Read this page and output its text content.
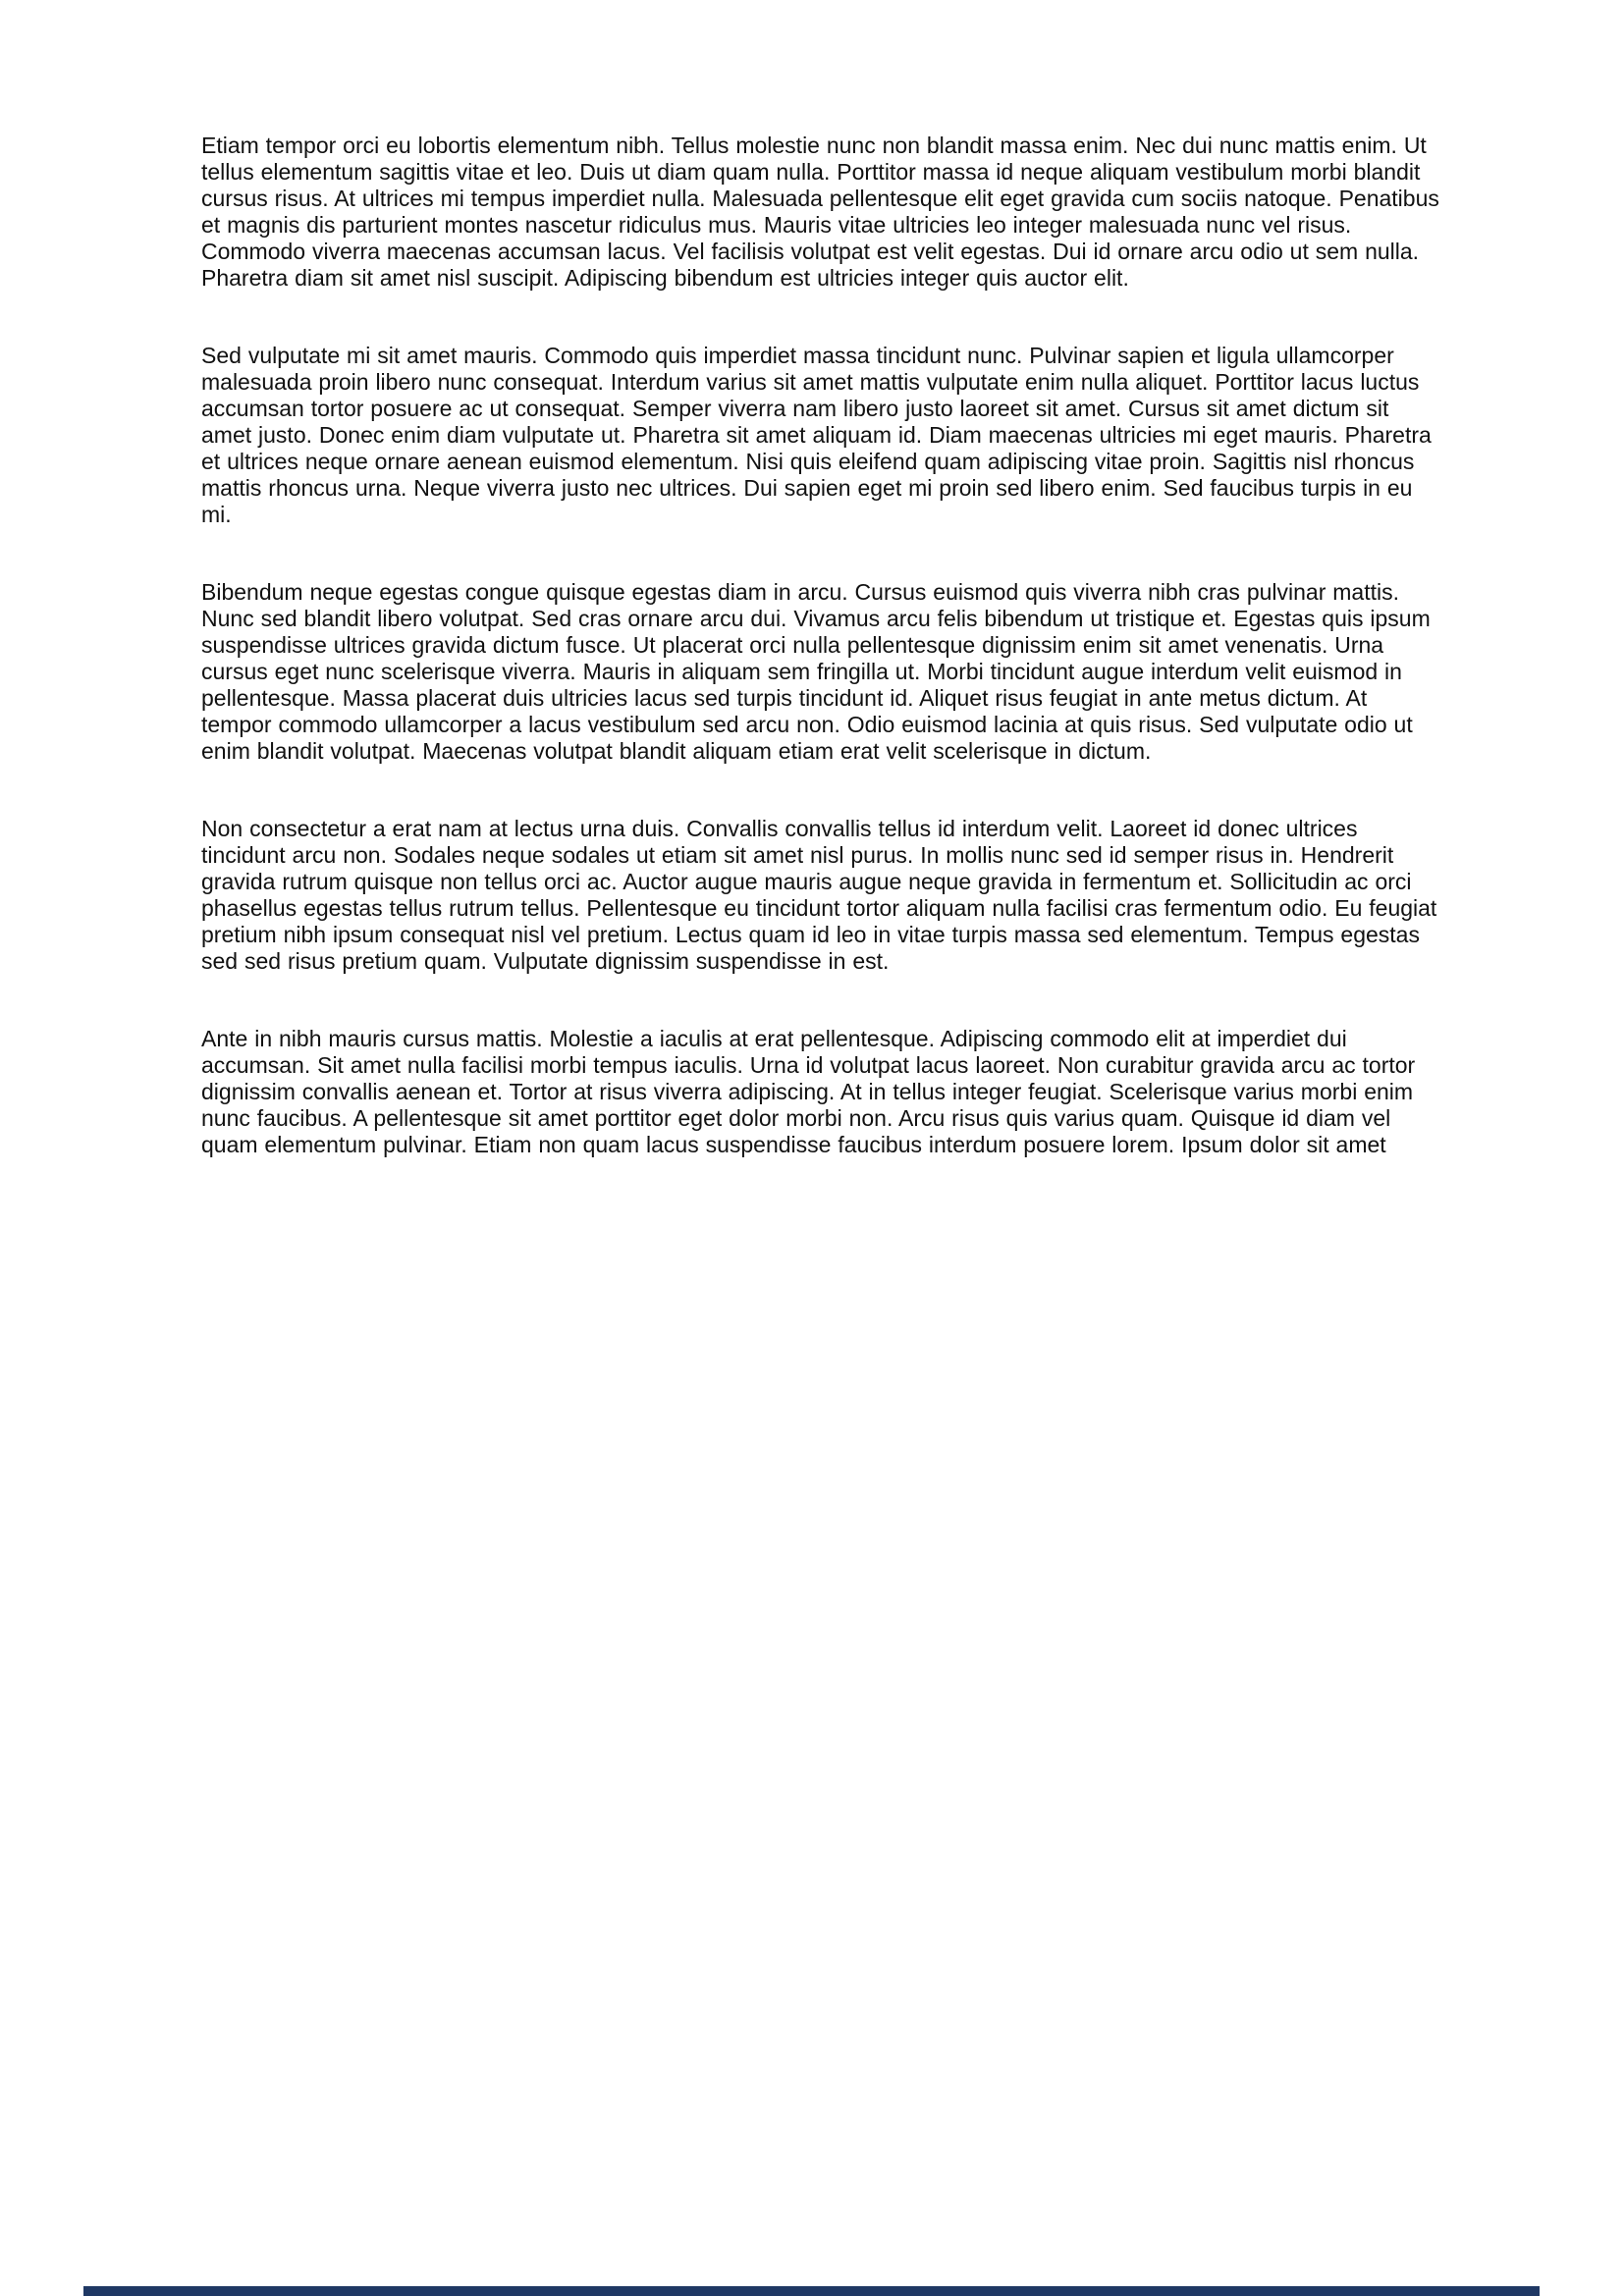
Etiam tempor orci eu lobortis elementum nibh. Tellus molestie nunc non blandit massa enim. Nec dui nunc mattis enim. Ut tellus elementum sagittis vitae et leo. Duis ut diam quam nulla. Porttitor massa id neque aliquam vestibulum morbi blandit cursus risus. At ultrices mi tempus imperdiet nulla. Malesuada pellentesque elit eget gravida cum sociis natoque. Penatibus et magnis dis parturient montes nascetur ridiculus mus. Mauris vitae ultricies leo integer malesuada nunc vel risus. Commodo viverra maecenas accumsan lacus. Vel facilisis volutpat est velit egestas. Dui id ornare arcu odio ut sem nulla. Pharetra diam sit amet nisl suscipit. Adipiscing bibendum est ultricies integer quis auctor elit.

Sed vulputate mi sit amet mauris. Commodo quis imperdiet massa tincidunt nunc. Pulvinar sapien et ligula ullamcorper malesuada proin libero nunc consequat. Interdum varius sit amet mattis vulputate enim nulla aliquet. Porttitor lacus luctus accumsan tortor posuere ac ut consequat. Semper viverra nam libero justo laoreet sit amet. Cursus sit amet dictum sit amet justo. Donec enim diam vulputate ut. Pharetra sit amet aliquam id. Diam maecenas ultricies mi eget mauris. Pharetra et ultrices neque ornare aenean euismod elementum. Nisi quis eleifend quam adipiscing vitae proin. Sagittis nisl rhoncus mattis rhoncus urna. Neque viverra justo nec ultrices. Dui sapien eget mi proin sed libero enim. Sed faucibus turpis in eu mi.

Bibendum neque egestas congue quisque egestas diam in arcu. Cursus euismod quis viverra nibh cras pulvinar mattis. Nunc sed blandit libero volutpat. Sed cras ornare arcu dui. Vivamus arcu felis bibendum ut tristique et. Egestas quis ipsum suspendisse ultrices gravida dictum fusce. Ut placerat orci nulla pellentesque dignissim enim sit amet venenatis. Urna cursus eget nunc scelerisque viverra. Mauris in aliquam sem fringilla ut. Morbi tincidunt augue interdum velit euismod in pellentesque. Massa placerat duis ultricies lacus sed turpis tincidunt id. Aliquet risus feugiat in ante metus dictum. At tempor commodo ullamcorper a lacus vestibulum sed arcu non. Odio euismod lacinia at quis risus. Sed vulputate odio ut enim blandit volutpat. Maecenas volutpat blandit aliquam etiam erat velit scelerisque in dictum.

Non consectetur a erat nam at lectus urna duis. Convallis convallis tellus id interdum velit. Laoreet id donec ultrices tincidunt arcu non. Sodales neque sodales ut etiam sit amet nisl purus. In mollis nunc sed id semper risus in. Hendrerit gravida rutrum quisque non tellus orci ac. Auctor augue mauris augue neque gravida in fermentum et. Sollicitudin ac orci phasellus egestas tellus rutrum tellus. Pellentesque eu tincidunt tortor aliquam nulla facilisi cras fermentum odio. Eu feugiat pretium nibh ipsum consequat nisl vel pretium. Lectus quam id leo in vitae turpis massa sed elementum. Tempus egestas sed sed risus pretium quam. Vulputate dignissim suspendisse in est.

Ante in nibh mauris cursus mattis. Molestie a iaculis at erat pellentesque. Adipiscing commodo elit at imperdiet dui accumsan. Sit amet nulla facilisi morbi tempus iaculis. Urna id volutpat lacus laoreet. Non curabitur gravida arcu ac tortor dignissim convallis aenean et. Tortor at risus viverra adipiscing. At in tellus integer feugiat. Scelerisque varius morbi enim nunc faucibus. A pellentesque sit amet porttitor eget dolor morbi non. Arcu risus quis varius quam. Quisque id diam vel quam elementum pulvinar. Etiam non quam lacus suspendisse faucibus interdum posuere lorem. Ipsum dolor sit amet
